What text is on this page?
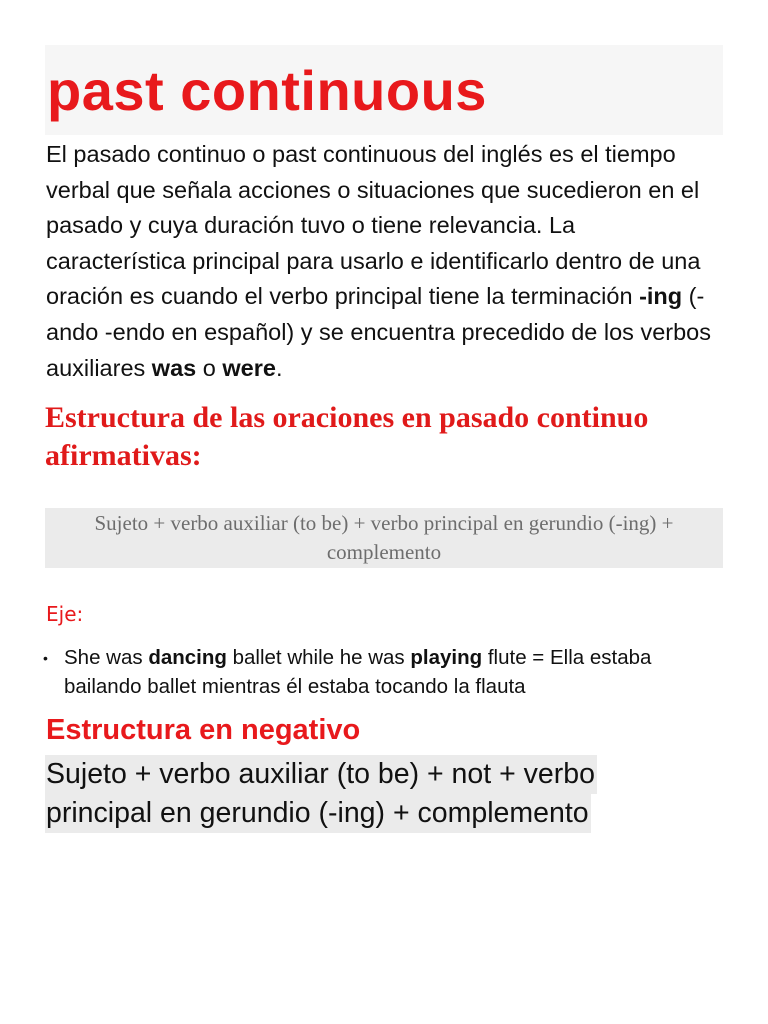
past continuous

El pasado continuo o past continuous del inglés es el tiempo verbal que señala acciones o situaciones que sucedieron en el pasado y cuya duración tuvo o tiene relevancia. La característica principal para usarlo e identificarlo dentro de una oración es cuando el verbo principal tiene la terminación -ing (-ando -endo en español) y se encuentra precedido de los verbos auxiliares was o were.

Estructura de las oraciones en pasado continuo afirmativas:
Sujeto + verbo auxiliar (to be) + verbo principal en gerundio (-ing) + complemento
Eje:
• She was dancing ballet while he was playing flute = Ella estaba bailando ballet mientras él estaba tocando la flauta
Estructura en negativo
Sujeto + verbo auxiliar (to be) + not + verbo
principal en gerundio (-ing) + complemento
